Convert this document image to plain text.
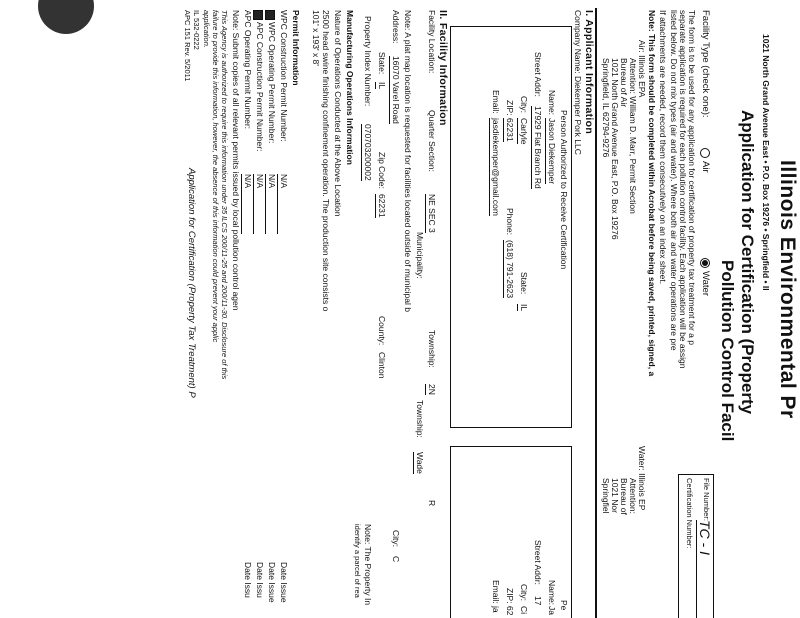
Illinois Environmental Pr
1021 North Grand Avenue East • P.O. Box 19276 • Springfield • Il
Application for Certification (Property
Pollution Control Facil
File Number:
TC - I
Certification Number:
Facility Type (check one):
Air
Water
The form is to be used for any application for certification of property tax treatment for a p
separate application is required for each pollution control facility. Each application will be assign
listed below. Do not mix types (air and water). Where both air and water operations are pre
If attachments are needed, record them consecutively on an index sheet.
Note: This form should be completed within Acrobat before being saved, printed, signed, a
Air: Illinois EPA
Attention: William D. Marr, Permit Section
Bureau of Air
1021 North Grand Avenue East, P.O. Box 19276
Springfield, IL 62794-9276
Water: Illinois EP
Attention:
Bureau of
1021 Nor
Springfiel
I. Applicant Information
Company Name:
Diekemper Pork LLC
Person Authorized to Receive Certification
Pe
Name:
Jason Diekemper
Street Addr:
17929 Flat Branch Rd
City:
Carlyle
State:
IL
ZIP:
62231
Phone:
(618) 791-2623
Email:
jasdiekemper@gmail.com
Name:
Ja
Street Addr:
17
City:
Ci
ZIP:
62
Email:
ja
II. Facility Information
Facility Location:
Quarter Section:
NE SEC 3
Township:
2N
R
Municipality:
Township:
Wade
Note: A plat map location is requested for facilities located outside of municipal b
Address:
16070 Varel Road
City:
C
State:
IL
Zip Code:
62231
County:
Clinton
Property Index Number:
070703200002
Note: The Property In
identify a parcel of rea
Manufacturing Operations Information
Nature of Operations Conducted at the Above Location
2500 head swine finishing confinement operation. The production site consists o
101' x 193' x 8'
Permit Information
WPC Construction Permit Number:
N/A
Date Issue
WPC Operating Permit Number:
N/A
Date Issue
APC Construction Permit Number:
N/A
Date Issu
APC Operating Permit Number:
N/A
Date Issu
Note: Submit copies of all relevant permits issued by local pollution control agen
This Agency is authorized to require this information under 35 ILCS 200/11-25 and 200/11-30. Disclosure of this
failure to provide this information, however, the absence of this information could prevent your applic
application.
IL 532-0222
APC 151 Rev. 5/2011
Application for Certification (Property Tax Treatment) P
